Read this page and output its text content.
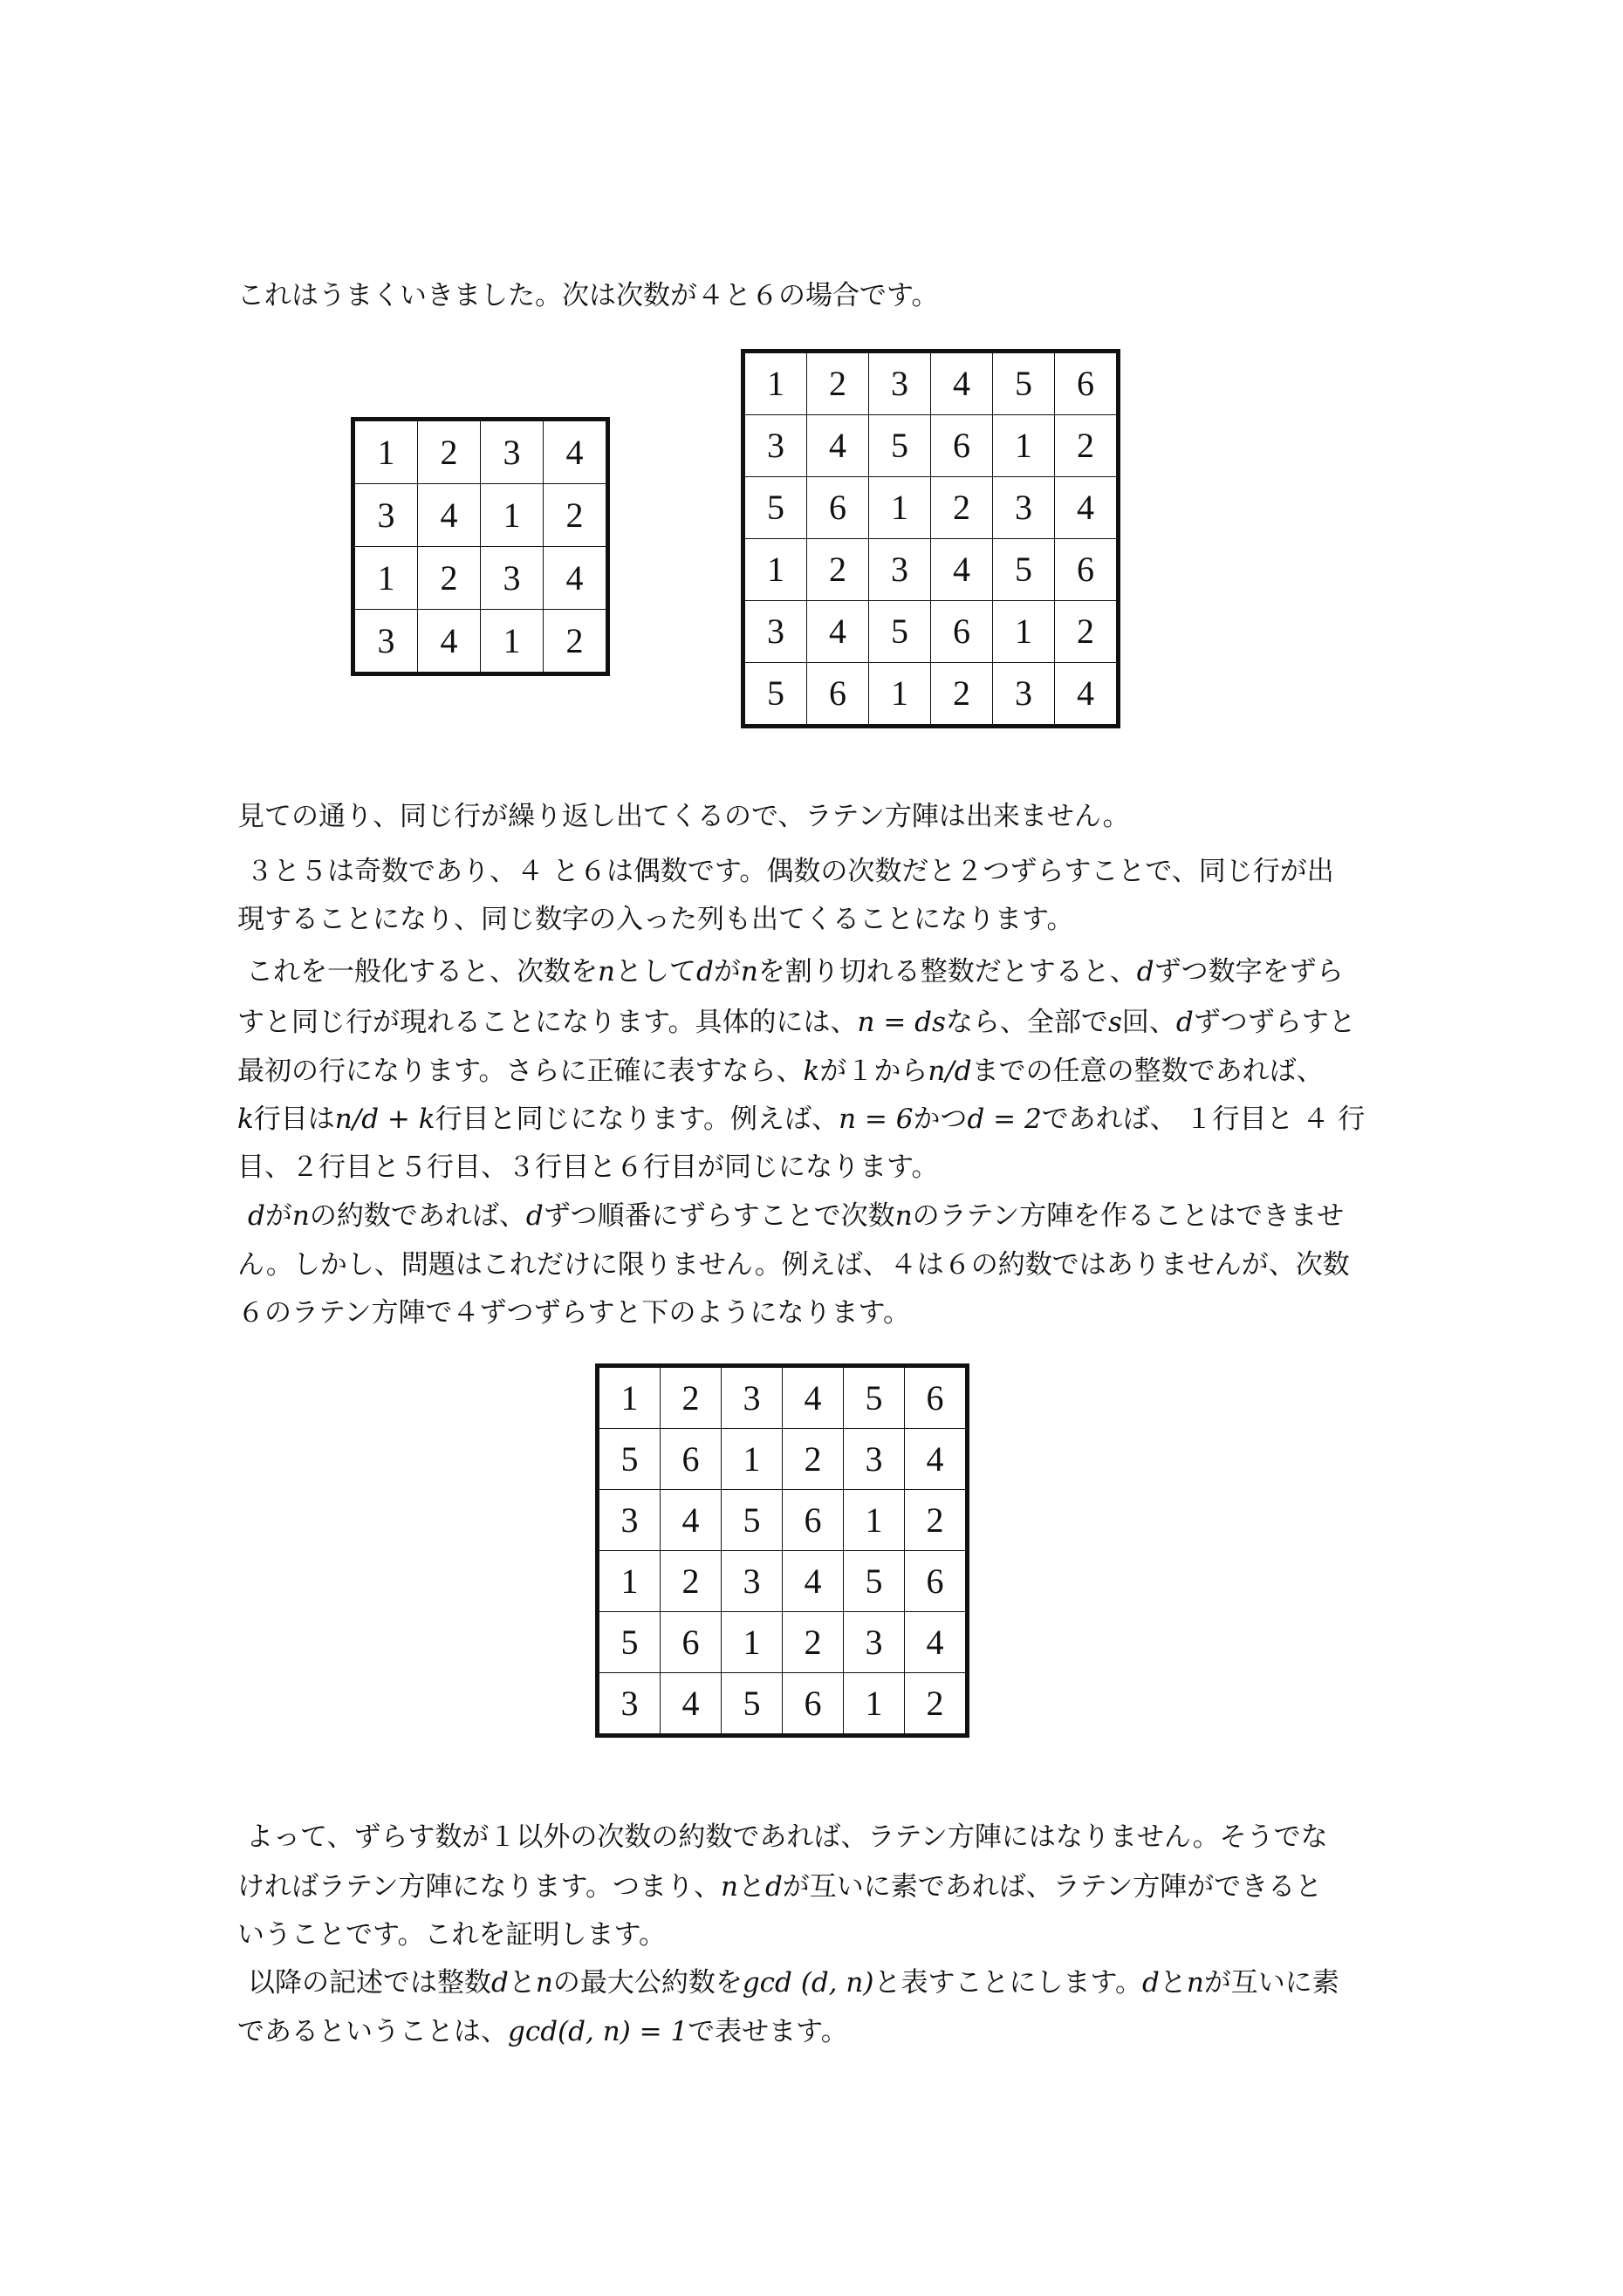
これはうまくいきました。次は次数が４と６の場合です。

1	2	3	4
3	4	1	2
1	2	3	4
3	4	1	2
1	2	3	4	5	6
3	4	5	6	1	2
5	6	1	2	3	4
1	2	3	4	5	6
3	4	5	6	1	2
5	6	1	2	3	4

見ての通り、同じ行が繰り返し出てくるので、ラテン方陣は出来ません。

３と５は奇数であり、４ と６は偶数です。偶数の次数だと２つずらすことで、同じ行が出

現することになり、同じ数字の入った列も出てくることになります。

これを一般化すると、次数をnとしてdがnを割り切れる整数だとすると、dずつ数字をずら

すと同じ行が現れることになります。具体的には、n = dsなら、全部でs回、dずつずらすと

最初の行になります。さらに正確に表すなら、kが１からn/dまでの任意の整数であれば、

k行目はn/d + k行目と同じになります。例えば、n = 6かつd = 2であれば、 １行目と ４ 行

目、２行目と５行目、３行目と６行目が同じになります。

dがnの約数であれば、dずつ順番にずらすことで次数nのラテン方陣を作ることはできませ

ん。しかし、問題はこれだけに限りません。例えば、４は６の約数ではありませんが、次数

６のラテン方陣で４ずつずらすと下のようになります。

1	2	3	4	5	6
5	6	1	2	3	4
3	4	5	6	1	2
1	2	3	4	5	6
5	6	1	2	3	4
3	4	5	6	1	2

よって、ずらす数が１以外の次数の約数であれば、ラテン方陣にはなりません。そうでな

ければラテン方陣になります。つまり、nとdが互いに素であれば、ラテン方陣ができると

いうことです。これを証明します。

以降の記述では整数dとnの最大公約数をgcd (d, n)と表すことにします。dとnが互いに素

であるということは、gcd(d, n) = 1で表せます。
